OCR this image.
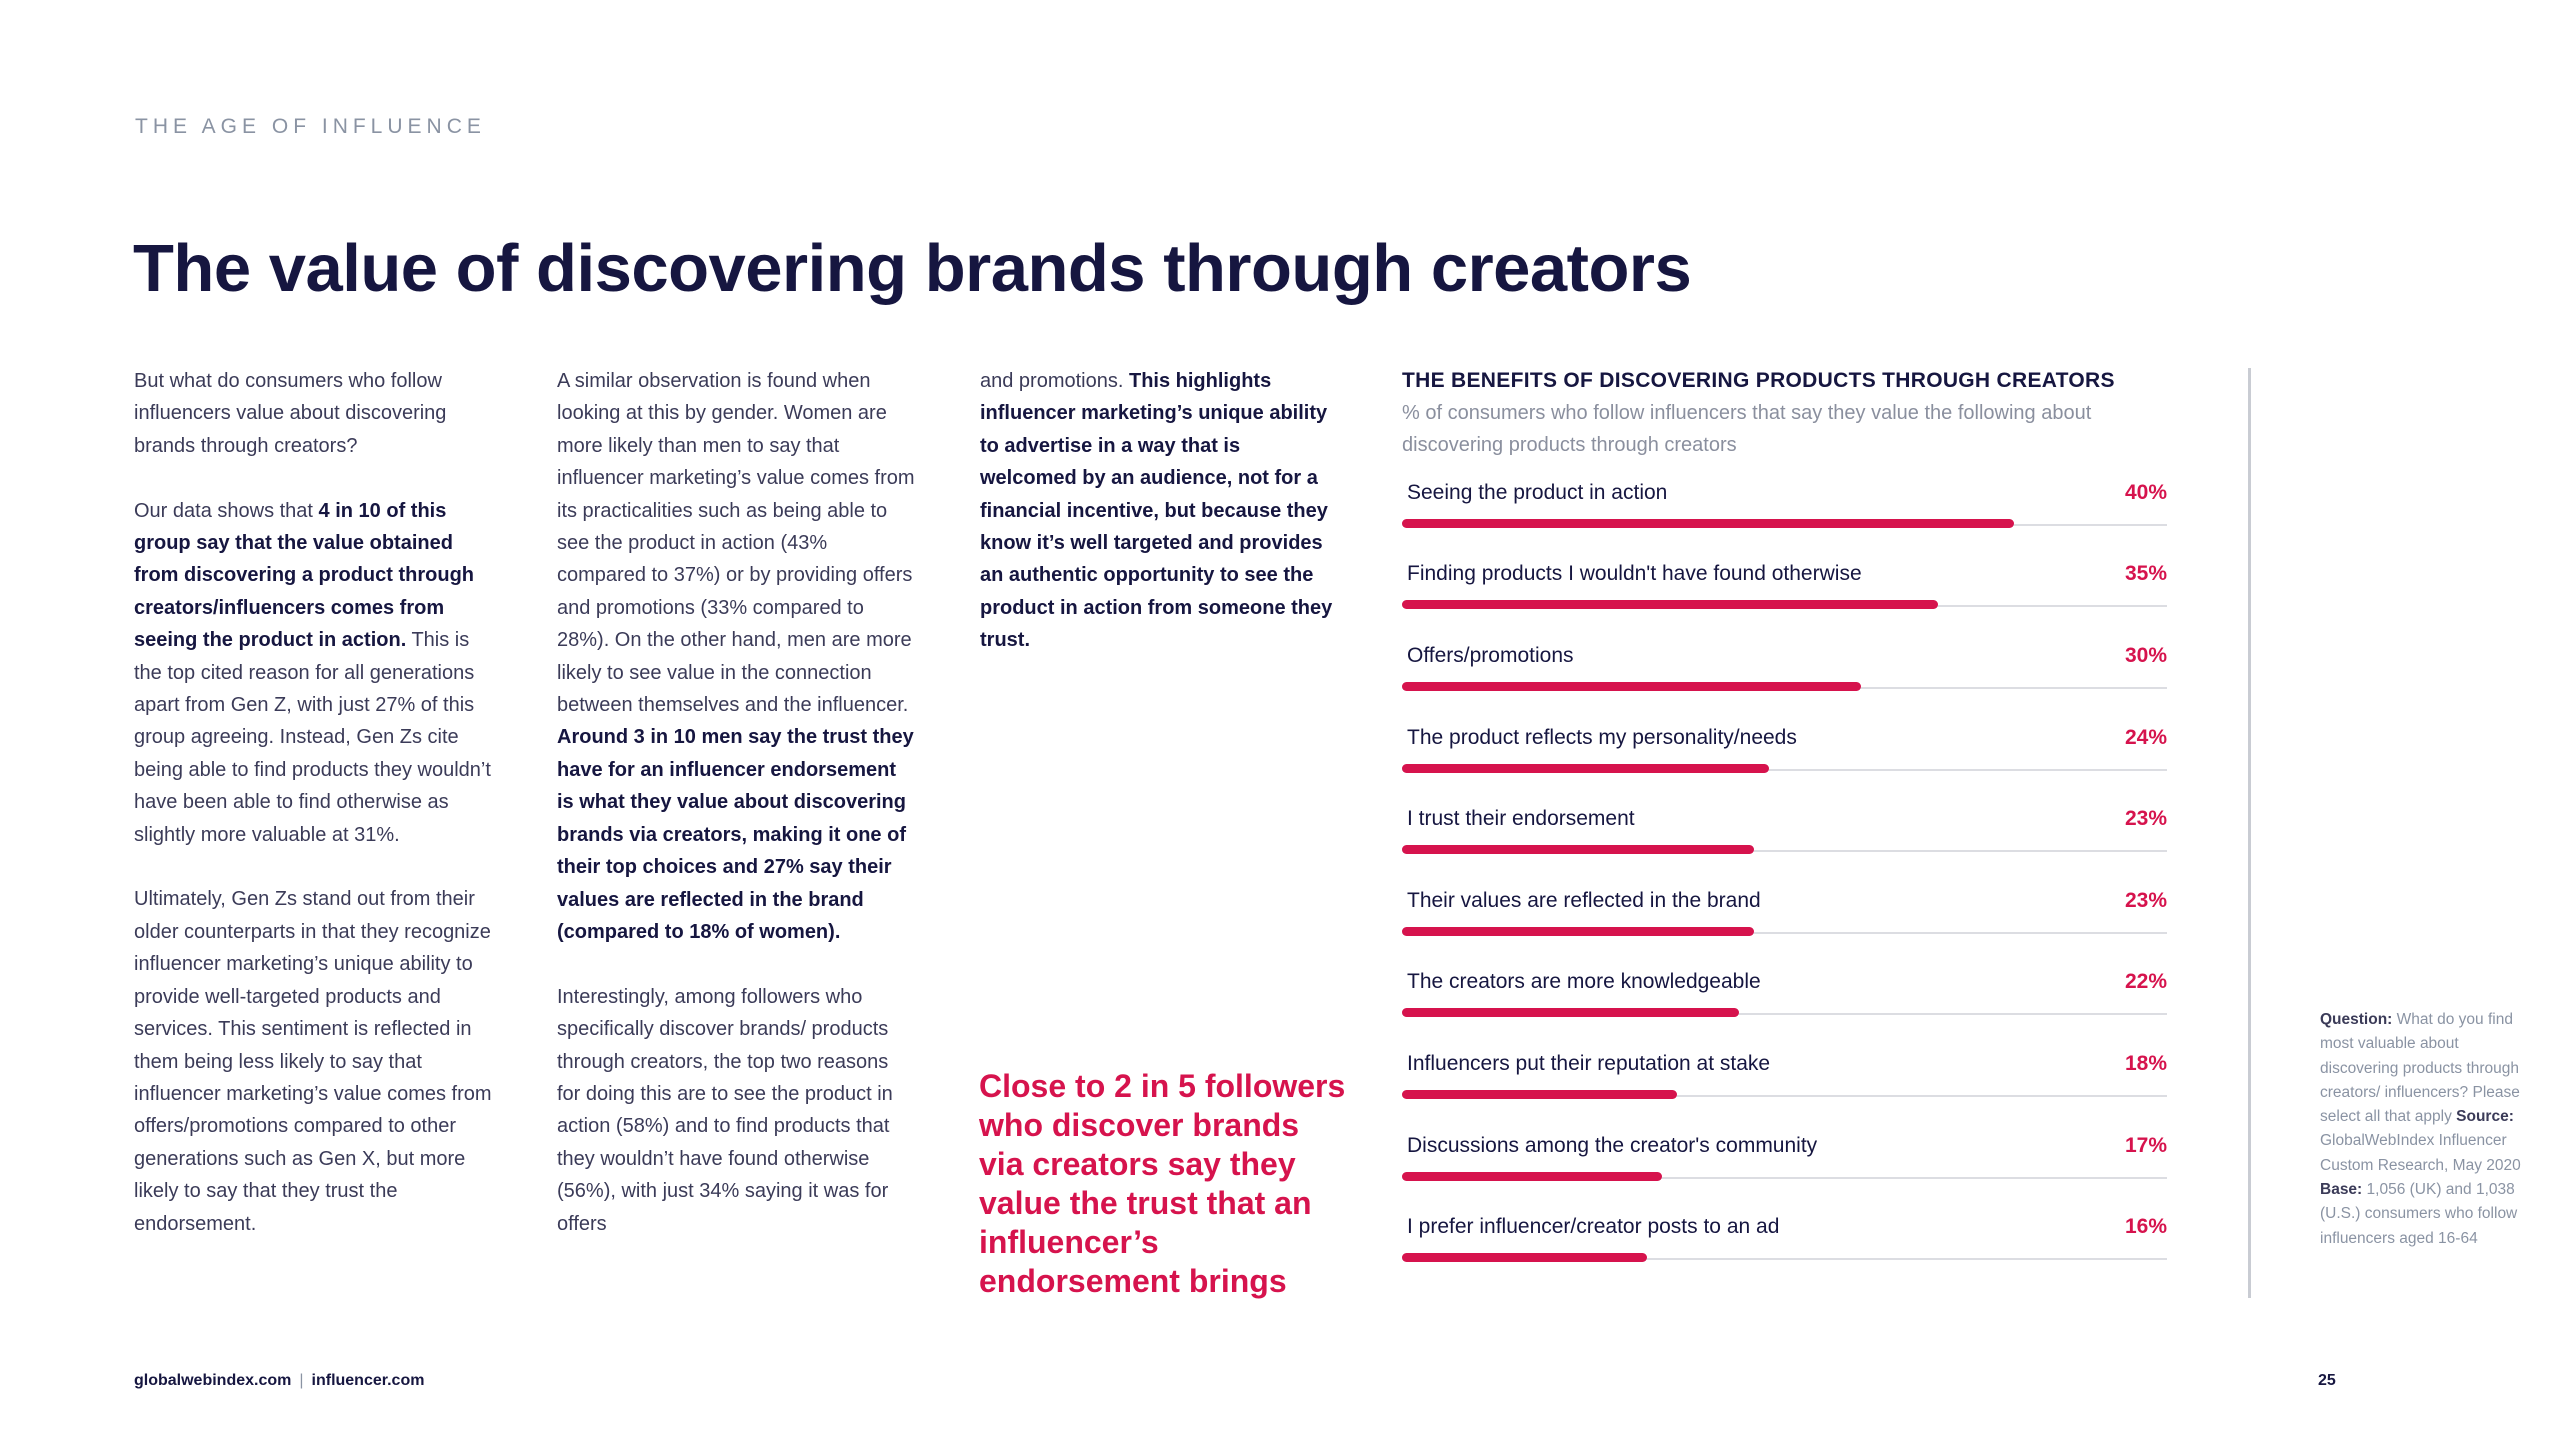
THE AGE OF INFLUENCE
The value of discovering brands through creators

But what do consumers who follow influencers value about discovering brands through creators?

Our data shows that 4 in 10 of this group say that the value obtained from discovering a product through creators/influencers comes from seeing the product in action. This is the top cited reason for all generations apart from Gen Z, with just 27% of this group agreeing. Instead, Gen Zs cite being able to find products they wouldn’t have been able to find otherwise as slightly more valuable at 31%.

Ultimately, Gen Zs stand out from their older counterparts in that they recognize influencer marketing’s unique ability to provide well-targeted products and services. This sentiment is reflected in them being less likely to say that influencer marketing’s value comes from offers/promotions compared to other generations such as Gen X, but more likely to say that they trust the endorsement.

A similar observation is found when looking at this by gender. Women are more likely than men to say that influencer marketing’s value comes from its practicalities such as being able to see the product in action (43% compared to 37%) or by providing offers and promotions (33% compared to 28%). On the other hand, men are more likely to see value in the connection between themselves and the influencer. Around 3 in 10 men say the trust they have for an influencer endorsement is what they value about discovering brands via creators, making it one of their top choices and 27% say their values are reflected in the brand (compared to 18% of women).

Interestingly, among followers who specifically discover brands/ products through creators, the top two reasons for doing this are to see the product in action (58%) and to find products that they wouldn’t have found otherwise (56%), with just 34% saying it was for offers

and promotions. This highlights influencer marketing’s unique ability to advertise in a way that is welcomed by an audience, not for a financial incentive, but because they know it’s well targeted and provides an authentic opportunity to see the product in action from someone they trust.

Close to 2 in 5 followers who discover brands via creators say they value the trust that an influencer’s endorsement brings
THE BENEFITS OF DISCOVERING PRODUCTS THROUGH CREATORS
% of consumers who follow influencers that say they value the following about discovering products through creators
Seeing the product in action	40%
Finding products I wouldn't have found otherwise	35%
Offers/promotions	30%
The product reflects my personality/needs	24%
I trust their endorsement	23%
Their values are reflected in the brand	23%
The creators are more knowledgeable	22%
Influencers put their reputation at stake	18%
Discussions among the creator's community	17%
I prefer influencer/creator posts to an ad	16%
Question: What do you find most valuable about discovering products through creators/ influencers? Please select all that apply Source: GlobalWebIndex Influencer Custom Research, May 2020 Base: 1,056 (UK) and 1,038 (U.S.) consumers who follow influencers aged 16-64
globalwebindex.com | influencer.com	25
